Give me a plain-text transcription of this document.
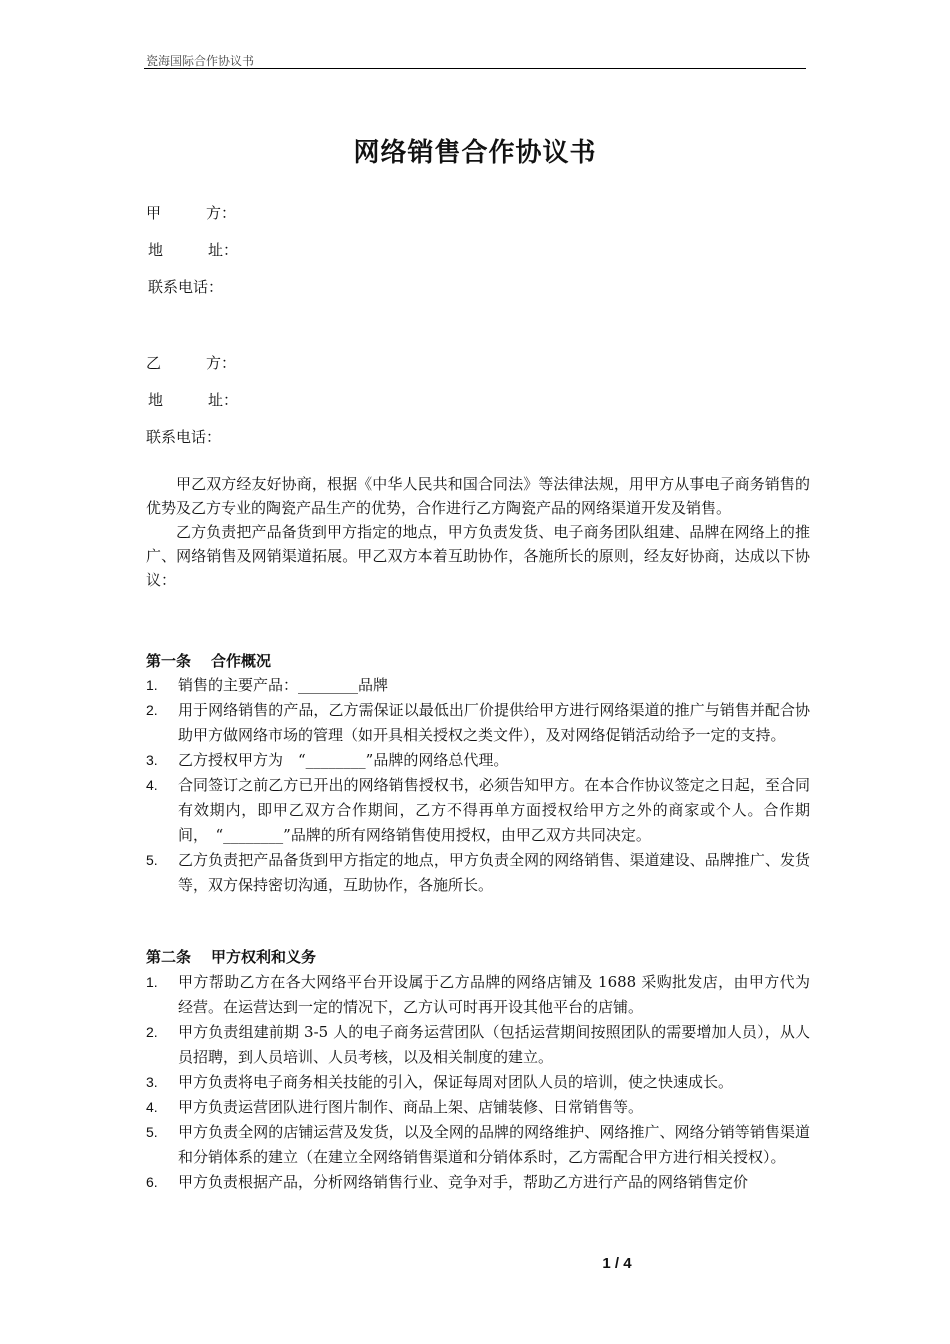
瓷海国际合作协议书
网络销售合作协议书
甲　　　方：
地　　　址：
联系电话：
乙　　　方：
地　　　址：
联系电话：

甲乙双方经友好协商，根据《中华人民共和国合同法》等法律法规，用甲方从事电子商务销售的优势及乙方专业的陶瓷产品生产的优势，合作进行乙方陶瓷产品的网络渠道开发及销售。

乙方负责把产品备货到甲方指定的地点，甲方负责发货、电子商务团队组建、品牌在网络上的推广、网络销售及网销渠道拓展。甲乙双方本着互助协作，各施所长的原则，经友好协商，达成以下协议：

第一条 合作概况
1.	销售的主要产品：________品牌
2.	用于网络销售的产品，乙方需保证以最低出厂价提供给甲方进行网络渠道的推广与销售并配合协助甲方做网络市场的管理（如开具相关授权之类文件），及对网络促销活动给予一定的支持。
3.	乙方授权甲方为　“________”品牌的网络总代理。
4.	合同签订之前乙方已开出的网络销售授权书，必须告知甲方。在本合作协议签定之日起，至合同有效期内，即甲乙双方合作期间，乙方不得再单方面授权给甲方之外的商家或个人。合作期间，　“________”品牌的所有网络销售使用授权，由甲乙双方共同决定。
5.	乙方负责把产品备货到甲方指定的地点，甲方负责全网的网络销售、渠道建设、品牌推广、发货等，双方保持密切沟通，互助协作，各施所长。
第二条 甲方权利和义务
1.	甲方帮助乙方在各大网络平台开设属于乙方品牌的网络店铺及 1688 采购批发店，由甲方代为经营。在运营达到一定的情况下，乙方认可时再开设其他平台的店铺。
2.	甲方负责组建前期 3-5 人的电子商务运营团队（包括运营期间按照团队的需要增加人员），从人员招聘，到人员培训、人员考核，以及相关制度的建立。
3.	甲方负责将电子商务相关技能的引入，保证每周对团队人员的培训，使之快速成长。
4.	甲方负责运营团队进行图片制作、商品上架、店铺装修、日常销售等。
5.	甲方负责全网的店铺运营及发货，以及全网的品牌的网络维护、网络推广、网络分销等销售渠道和分销体系的建立（在建立全网络销售渠道和分销体系时，乙方需配合甲方进行相关授权）。
6.	甲方负责根据产品，分析网络销售行业、竞争对手，帮助乙方进行产品的网络销售定价
1 / 4
